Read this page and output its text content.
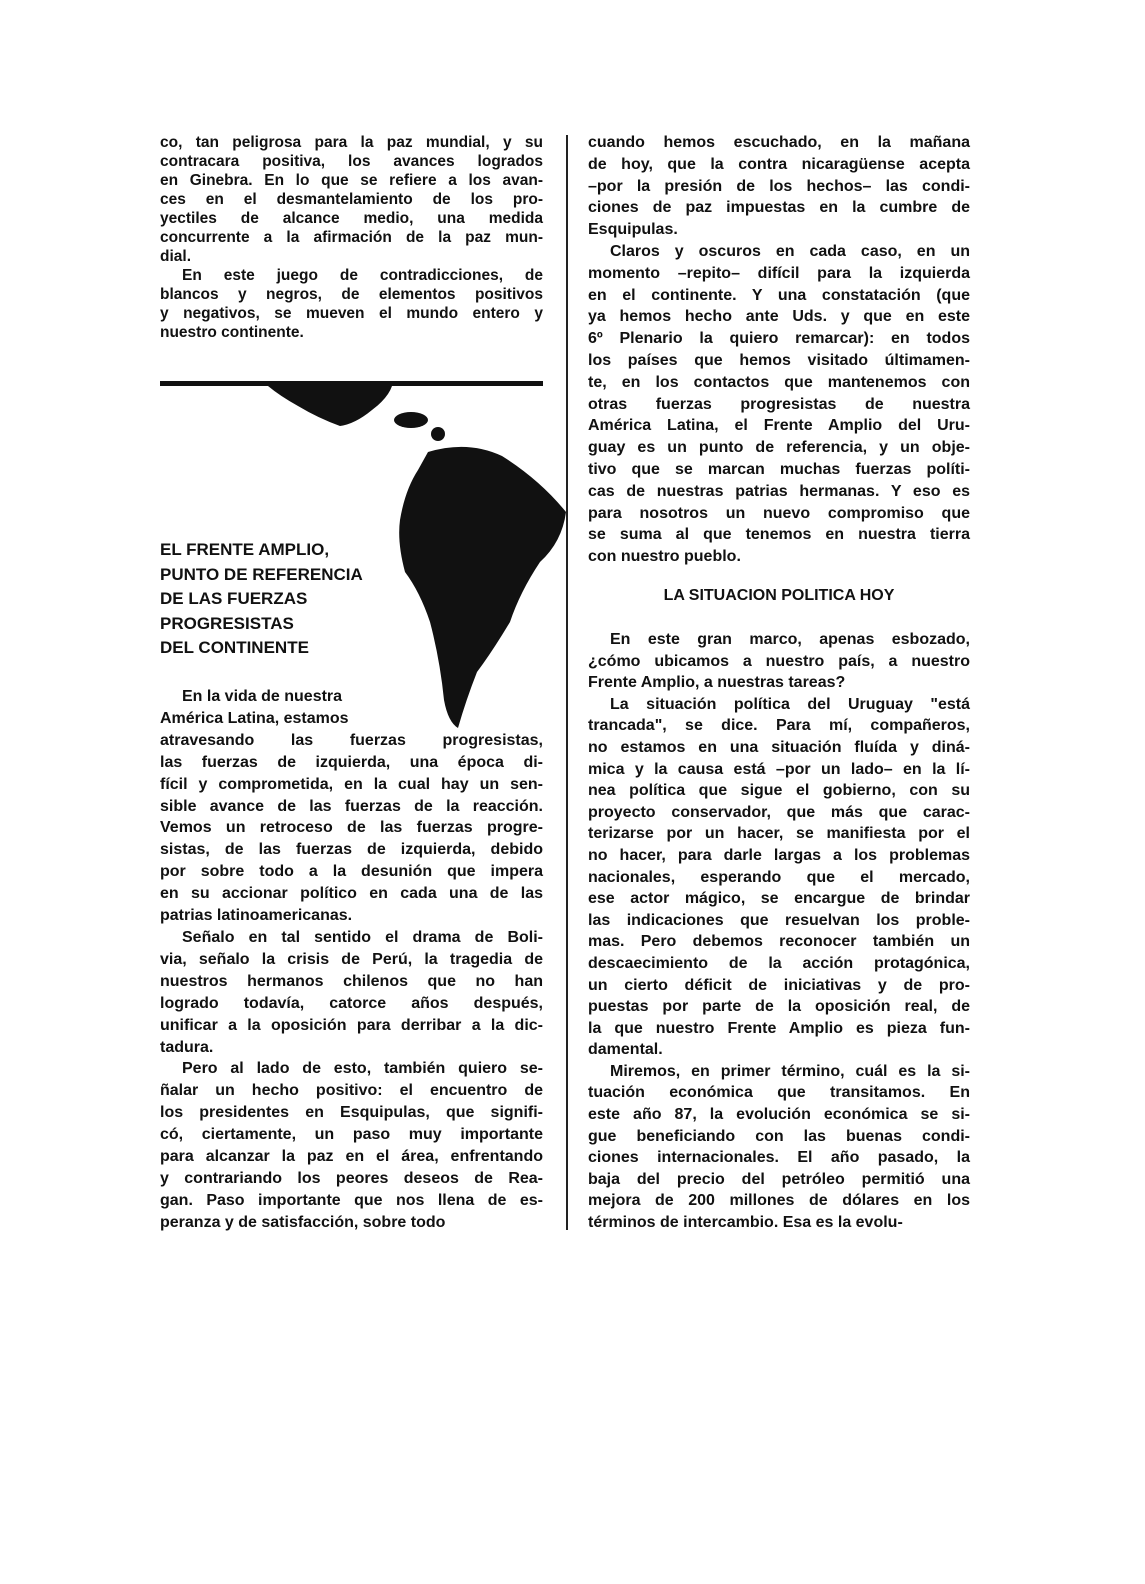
co, tan peligrosa para la paz mundial, y su
contracara positiva, los avances logrados
en Ginebra. En lo que se refiere a los avan-
ces en el desmantelamiento de los pro-
yectiles de alcance medio, una medida
concurrente a la afirmación de la paz mun-
dial.
En este juego de contradicciones, de
blancos y negros, de elementos positivos
y negativos, se mueven el mundo entero y
nuestro continente.
EL FRENTE AMPLIO,
PUNTO DE REFERENCIA
DE LAS FUERZAS
PROGRESISTAS
DEL CONTINENTE
En la vida de nuestra
América Latina, estamos
atravesando las fuerzas progresistas,
las fuerzas de izquierda, una época di-
fícil y comprometida, en la cual hay un sen-
sible avance de las fuerzas de la reacción.
Vemos un retroceso de las fuerzas progre-
sistas, de las fuerzas de izquierda, debido
por sobre todo a la desunión que impera
en su accionar político en cada una de las
patrias latinoamericanas.
Señalo en tal sentido el drama de Boli-
via, señalo la crisis de Perú, la tragedia de
nuestros hermanos chilenos que no han
logrado todavía, catorce años después,
unificar a la oposición para derribar a la dic-
tadura.
Pero al lado de esto, también quiero se-
ñalar un hecho positivo: el encuentro de
los presidentes en Esquipulas, que signifi-
có, ciertamente, un paso muy importante
para alcanzar la paz en el área, enfrentando
y contrariando los peores deseos de Rea-
gan. Paso importante que nos llena de es-
peranza y de satisfacción, sobre todo
cuando hemos escuchado, en la mañana
de hoy, que la contra nicaragüense acepta
–por la presión de los hechos– las condi-
ciones de paz impuestas en la cumbre de
Esquipulas.
Claros y oscuros en cada caso, en un
momento –repito– difícil para la izquierda
en el continente. Y una constatación (que
ya hemos hecho ante Uds. y que en este
6º Plenario la quiero remarcar): en todos
los países que hemos visitado últimamen-
te, en los contactos que mantenemos con
otras fuerzas progresistas de nuestra
América Latina, el Frente Amplio del Uru-
guay es un punto de referencia, y un obje-
tivo que se marcan muchas fuerzas políti-
cas de nuestras patrias hermanas. Y eso es
para nosotros un nuevo compromiso que
se suma al que tenemos en nuestra tierra
con nuestro pueblo.
LA SITUACION POLITICA HOY
En este gran marco, apenas esbozado,
¿cómo ubicamos a nuestro país, a nuestro
Frente Amplio, a nuestras tareas?
La situación política del Uruguay "está
trancada", se dice. Para mí, compañeros,
no estamos en una situación fluída y diná-
mica y la causa está –por un lado– en la lí-
nea política que sigue el gobierno, con su
proyecto conservador, que más que carac-
terizarse por un hacer, se manifiesta por el
no hacer, para darle largas a los problemas
nacionales, esperando que el mercado,
ese actor mágico, se encargue de brindar
las indicaciones que resuelvan los proble-
mas. Pero debemos reconocer también un
descaecimiento de la acción protagónica,
un cierto déficit de iniciativas y de pro-
puestas por parte de la oposición real, de
la que nuestro Frente Amplio es pieza fun-
damental.
Miremos, en primer término, cuál es la si-
tuación económica que transitamos. En
este año 87, la evolución económica se si-
gue beneficiando con las buenas condi-
ciones internacionales. El año pasado, la
baja del precio del petróleo permitió una
mejora de 200 millones de dólares en los
términos de intercambio. Esa es la evolu-
